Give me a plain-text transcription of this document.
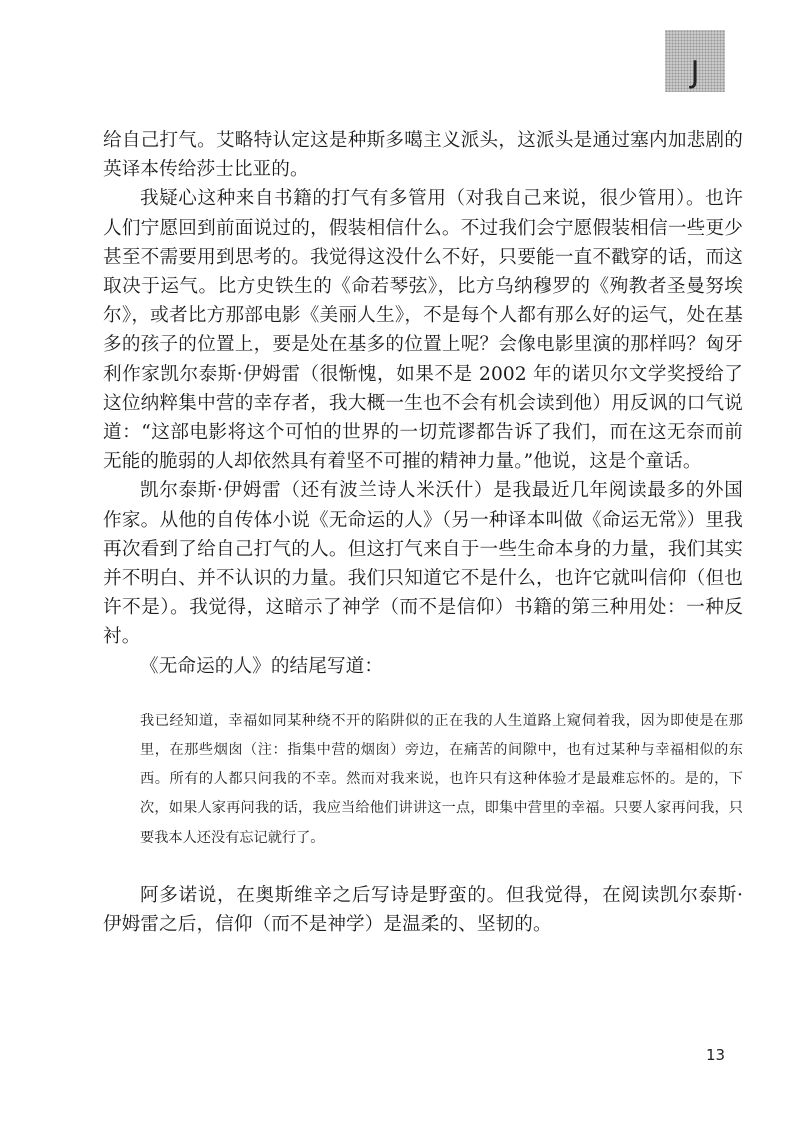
J

给自己打气。艾略特认定这是种斯多噶主义派头，这派头是通过塞内加悲剧的英译本传给莎士比亚的。

我疑心这种来自书籍的打气有多管用（对我自己来说，很少管用）。也许人们宁愿回到前面说过的，假装相信什么。不过我们会宁愿假装相信一些更少甚至不需要用到思考的。我觉得这没什么不好，只要能一直不戳穿的话，而这取决于运气。比方史铁生的《命若琴弦》，比方乌纳穆罗的《殉教者圣曼努埃尔》，或者比方那部电影《美丽人生》，不是每个人都有那么好的运气，处在基多的孩子的位置上，要是处在基多的位置上呢？会像电影里演的那样吗？匈牙利作家凯尔泰斯·伊姆雷（很惭愧，如果不是 2002 年的诺贝尔文学奖授给了这位纳粹集中营的幸存者，我大概一生也不会有机会读到他）用反讽的口气说道：“这部电影将这个可怕的世界的一切荒谬都告诉了我们，而在这无奈而前无能的脆弱的人却依然具有着坚不可摧的精神力量。”他说，这是个童话。

凯尔泰斯·伊姆雷（还有波兰诗人米沃什）是我最近几年阅读最多的外国作家。从他的自传体小说《无命运的人》（另一种译本叫做《命运无常》）里我再次看到了给自己打气的人。但这打气来自于一些生命本身的力量，我们其实并不明白、并不认识的力量。我们只知道它不是什么，也许它就叫信仰（但也许不是）。我觉得，这暗示了神学（而不是信仰）书籍的第三种用处：一种反衬。

《无命运的人》的结尾写道：

我已经知道，幸福如同某种绕不开的陷阱似的正在我的人生道路上窥伺着我，因为即使是在那里，在那些烟囱（注：指集中营的烟囱）旁边，在痛苦的间隙中，也有过某种与幸福相似的东西。所有的人都只问我的不幸。然而对我来说，也许只有这种体验才是最难忘怀的。是的，下次，如果人家再问我的话，我应当给他们讲讲这一点，即集中营里的幸福。只要人家再问我，只要我本人还没有忘记就行了。

阿多诺说，在奥斯维辛之后写诗是野蛮的。但我觉得，在阅读凯尔泰斯·伊姆雷之后，信仰（而不是神学）是温柔的、坚韧的。

13
